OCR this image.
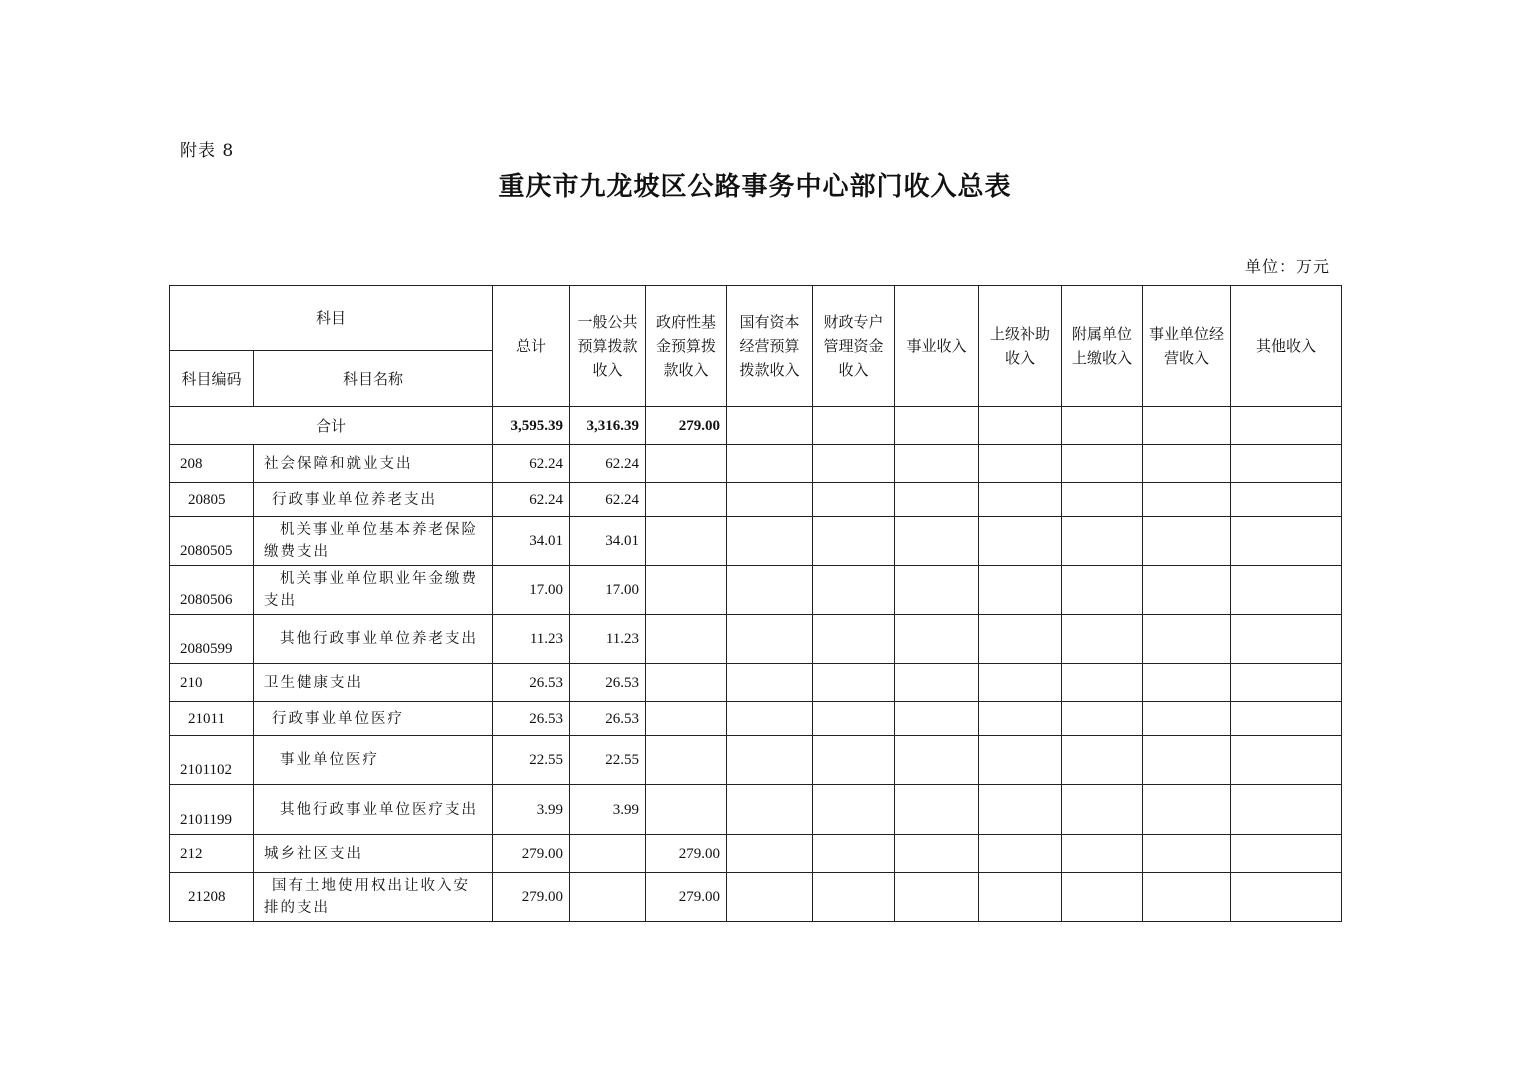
附表 8
重庆市九龙坡区公路事务中心部门收入总表
单位：万元
科目		总计	一般公共预算拨款收入	政府性基金预算拨款收入	国有资本经营预算拨款收入	财政专户管理资金收入	事业收入	上级补助收入	附属单位上缴收入	事业单位经营收入	其他收入
科目编码	科目名称										
合计		3,595.39	3,316.39	279.00							
208	社会保障和就业支出	62.24	62.24								
20805	行政事业单位养老支出	62.24	62.24								
2080505	机关事业单位基本养老保险缴费支出	34.01	34.01								
2080506	机关事业单位职业年金缴费支出	17.00	17.00								
2080599	其他行政事业单位养老支出	11.23	11.23								
210	卫生健康支出	26.53	26.53								
21011	行政事业单位医疗	26.53	26.53								
2101102	事业单位医疗	22.55	22.55								
2101199	其他行政事业单位医疗支出	3.99	3.99								
212	城乡社区支出	279.00		279.00							
21208	国有土地使用权出让收入安排的支出	279.00		279.00							
